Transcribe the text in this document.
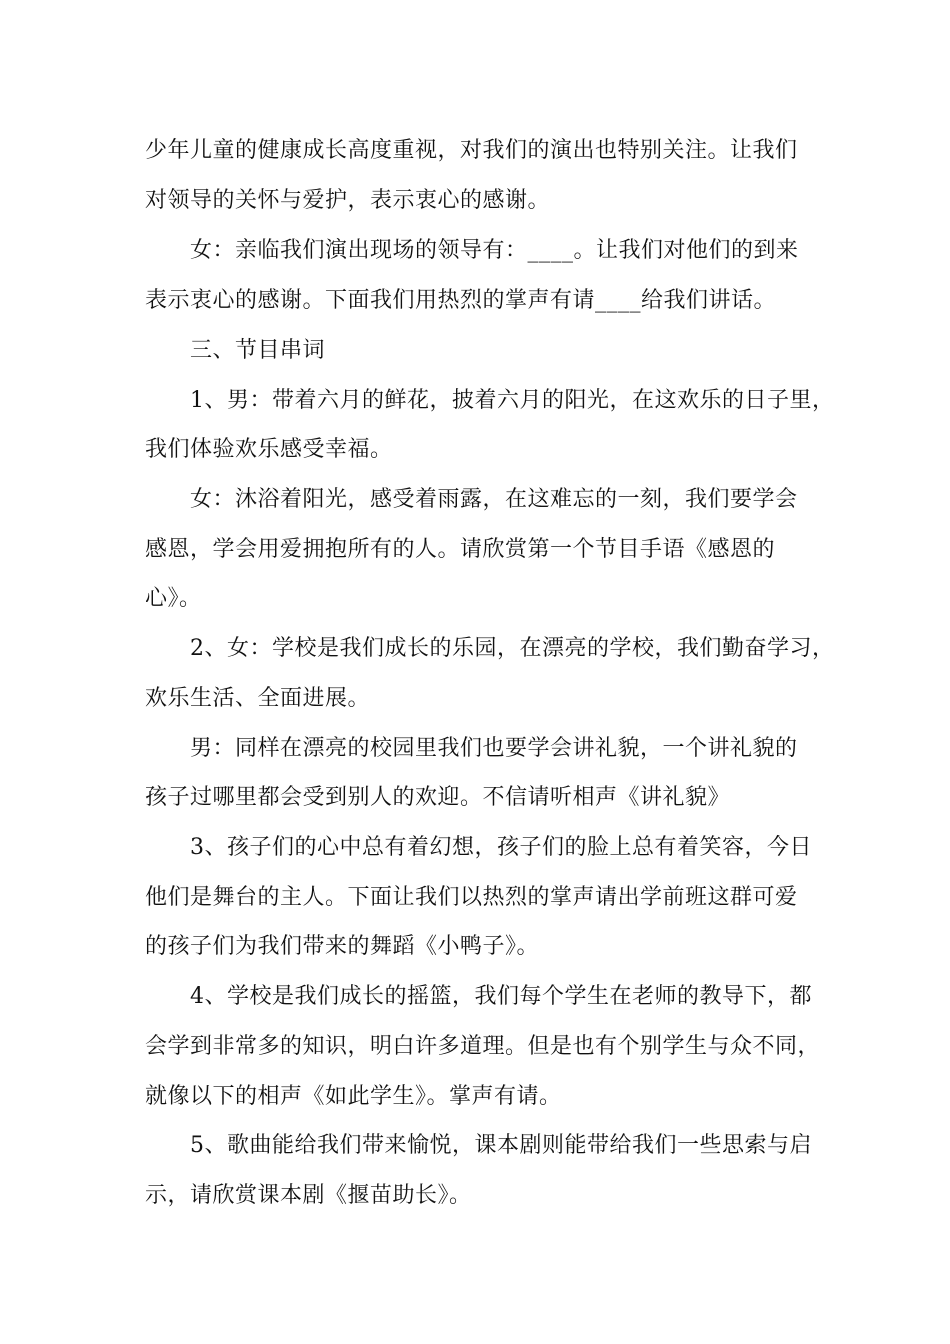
少年儿童的健康成长高度重视，对我们的演出也特别关注。让我们
对领导的关怀与爱护，表示衷心的感谢。
女：亲临我们演出现场的领导有：____。让我们对他们的到来
表示衷心的感谢。下面我们用热烈的掌声有请____给我们讲话。
三、节目串词
1、男：带着六月的鲜花，披着六月的阳光，在这欢乐的日子里，
我们体验欢乐感受幸福。
女：沐浴着阳光，感受着雨露，在这难忘的一刻，我们要学会
感恩，学会用爱拥抱所有的人。请欣赏第一个节目手语《感恩的
心》。
2、女：学校是我们成长的乐园，在漂亮的学校，我们勤奋学习，
欢乐生活、全面进展。
男：同样在漂亮的校园里我们也要学会讲礼貌，一个讲礼貌的
孩子过哪里都会受到别人的欢迎。不信请听相声《讲礼貌》
3、孩子们的心中总有着幻想，孩子们的脸上总有着笑容，今日
他们是舞台的主人。下面让我们以热烈的掌声请出学前班这群可爱
的孩子们为我们带来的舞蹈《小鸭子》。
4、学校是我们成长的摇篮，我们每个学生在老师的教导下，都
会学到非常多的知识，明白许多道理。但是也有个别学生与众不同，
就像以下的相声《如此学生》。掌声有请。
5、歌曲能给我们带来愉悦，课本剧则能带给我们一些思索与启
示，请欣赏课本剧《揠苗助长》。
